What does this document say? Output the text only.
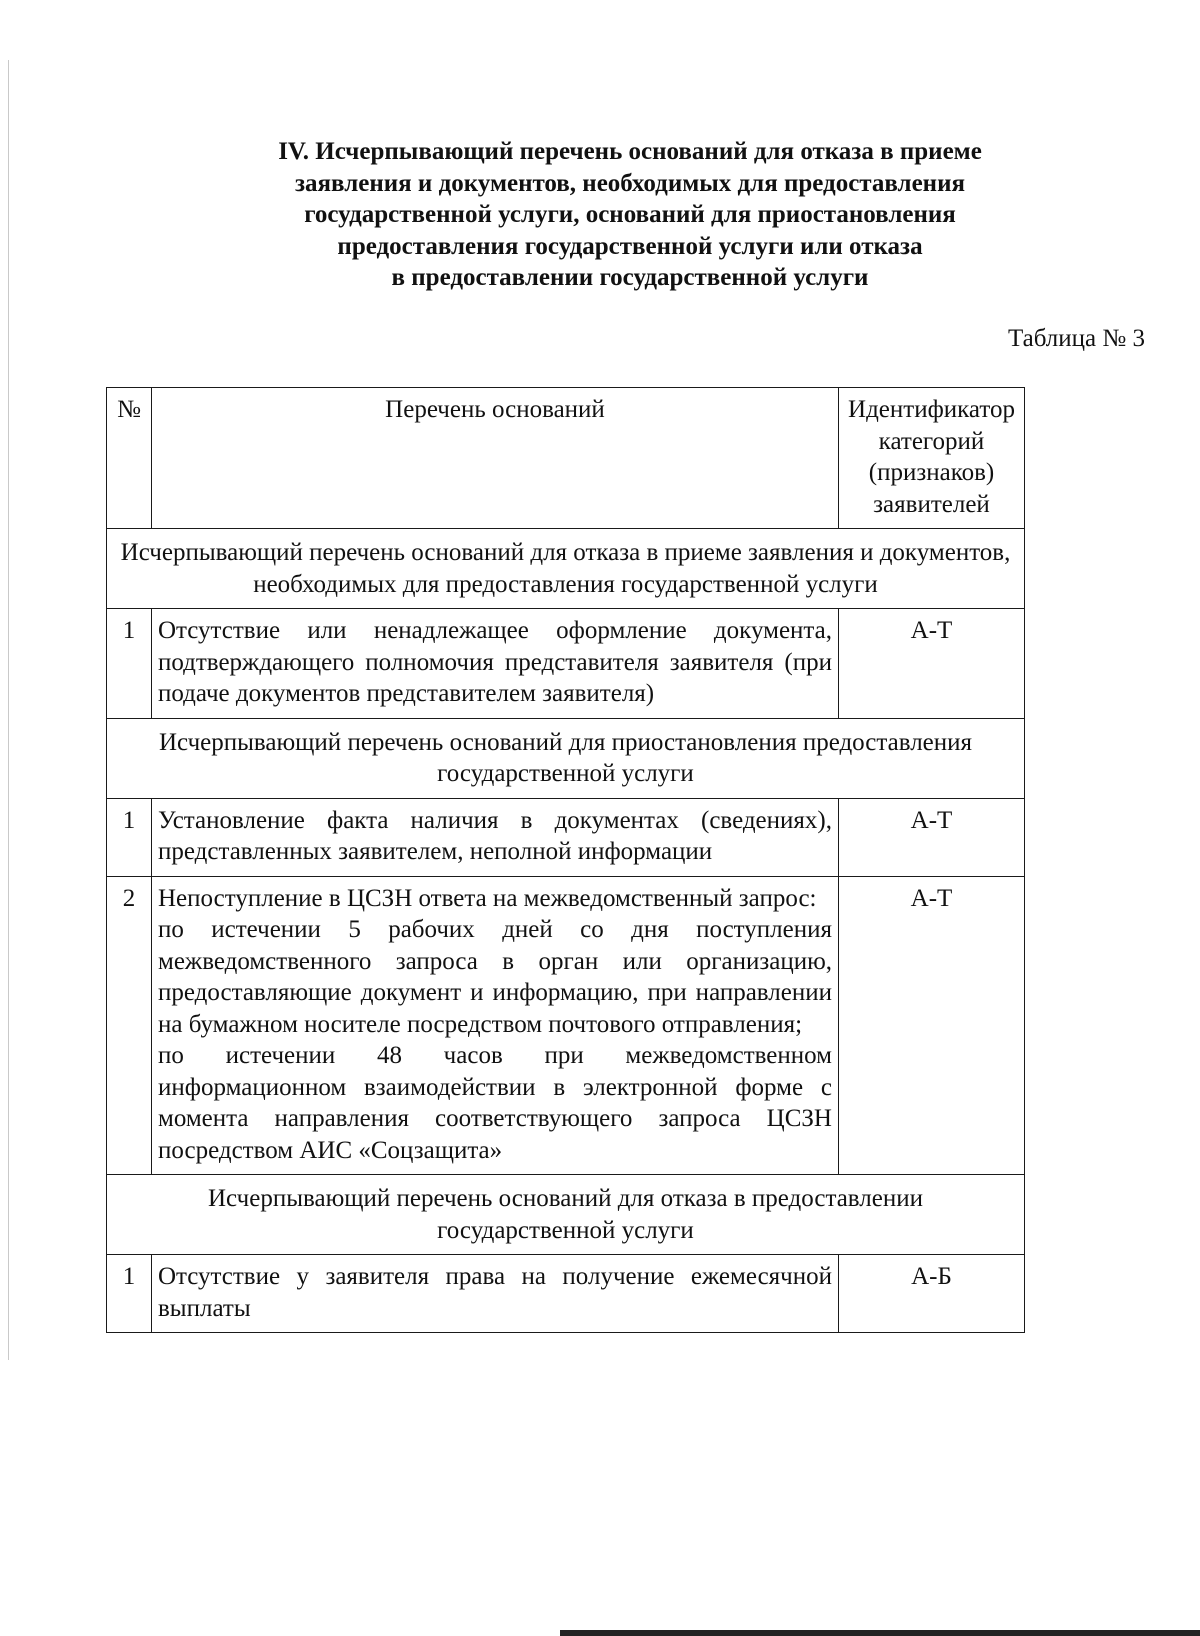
IV. Исчерпывающий перечень оснований для отказа в приеме
заявления и документов, необходимых для предоставления
государственной услуги, оснований для приостановления
предоставления государственной услуги или отказа
в предоставлении государственной услуги
Таблица № 3
№	Перечень оснований	Идентификатор категорий (признаков) заявителей
Исчерпывающий перечень оснований для отказа в приеме заявления и документов, необходимых для предоставления государственной услуги		
1	Отсутствие или ненадлежащее оформление документа, подтверждающего полномочия представителя заявителя (при подаче документов представителем заявителя)	А-Т
Исчерпывающий перечень оснований для приостановления предоставления государственной услуги		
1	Установление факта наличия в документах (сведениях), представленных заявителем, неполной информации	А-Т
2	Непоступление в ЦСЗН ответа на межведомственный запрос:

по истечении 5 рабочих дней со дня поступления межведомственного запроса в орган или организацию, предоставляющие документ и информацию, при направлении на бумажном носителе посредством почтового отправления;

по истечении 48 часов при межведомственном информационном взаимодействии в электронной форме с момента направления соответствующего запроса ЦСЗН посредством АИС «Соцзащита»	А-Т
Исчерпывающий перечень оснований для отказа в предоставлении государственной услуги		
1	Отсутствие у заявителя права на получение ежемесячной выплаты	А-Б
